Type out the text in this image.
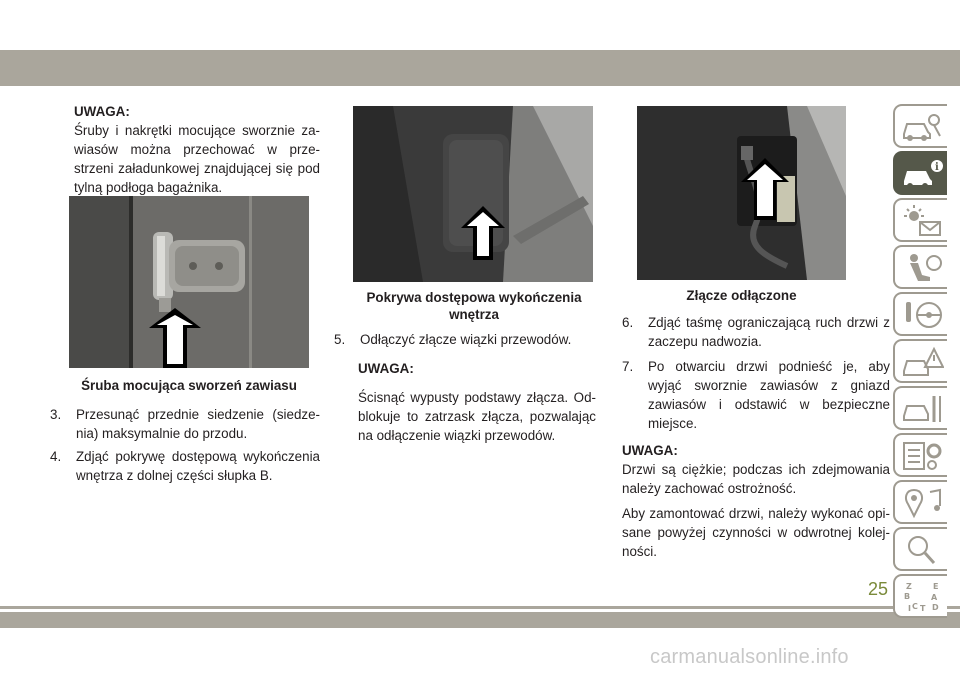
UWAGA:

Śruby i nakrętki mocujące sworznie za-wiasów można przechować w prze-strzeni załadunkowej znajdującej się pod tylną podłoga bagażnika.

Śruba mocująca sworzeń zawiasu

3. Przesunąć przednie siedzenie (siedze-nia) maksymalnie do przodu.

4. Zdjąć pokrywę dostępową wykończenia wnętrza z dolnej części słupka B.

Pokrywa dostępowa wykończenia wnętrza

5. Odłączyć złącze wiązki przewodów.

UWAGA:

Ścisnąć wypusty podstawy złącza. Od-blokuje to zatrzask złącza, pozwalając na odłączenie wiązki przewodów.

Złącze odłączone

6. Zdjąć taśmę ograniczającą ruch drzwi z zaczepu nadwozia.

7. Po otwarciu drzwi podnieść je, aby wyjąć sworznie zawiasów z gniazd zawiasów i odstawić w bezpieczne miejsce.

UWAGA:

Drzwi są ciężkie; podczas ich zdejmowania należy zachować ostrożność.

Aby zamontować drzwi, należy wykonać opi-sane powyżej czynności w odwrotnej kolej-ności.

i
Z
B
C
E
A
I T D
25
carmanualsonline.info
